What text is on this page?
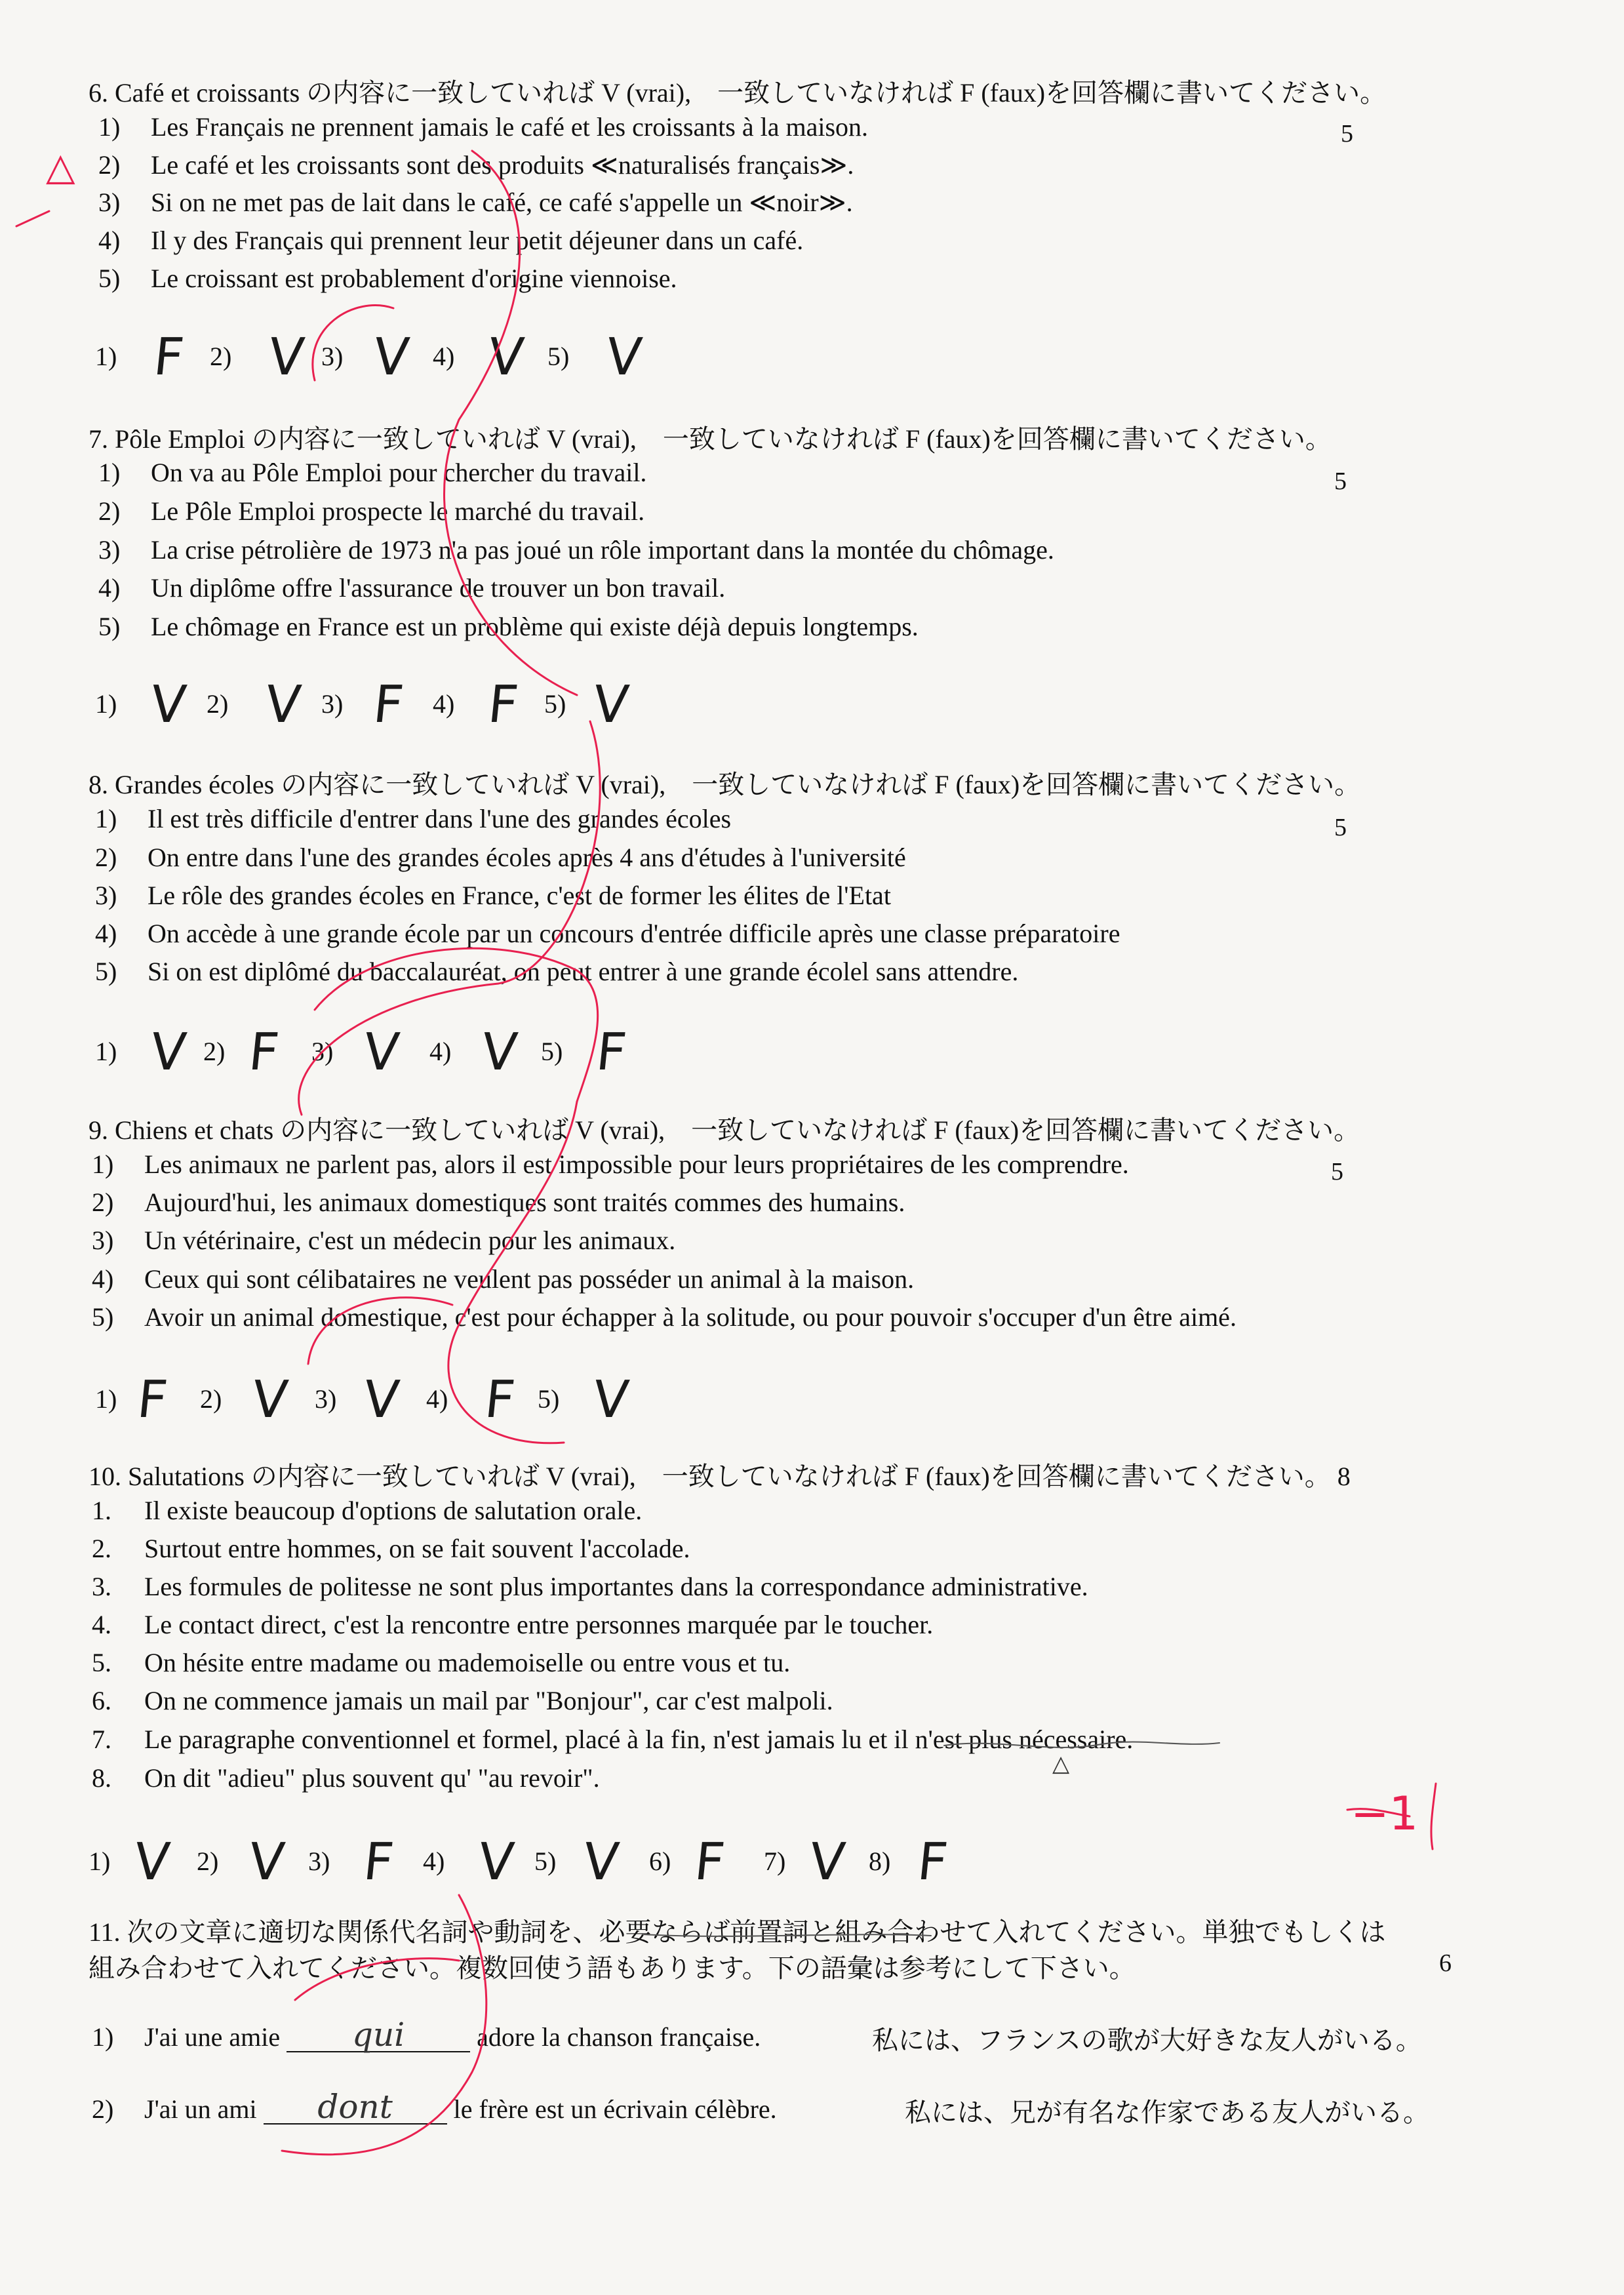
6. Café et croissants の内容に一致していれば V (vrai),　一致していなければ F (faux)を回答欄に書いてください。
5
1) Les Français ne prennent jamais le café et les croissants à la maison.
2) Le café et les croissants sont des produits ≪naturalisés français≫.
3) Si on ne met pas de lait dans le café, ce café s'appelle un ≪noir≫.
4) Il y des Français qui prennent leur petit déjeuner dans un café.
5) Le croissant est probablement d'origine viennoise.
1) F 2) V 3) V 4) V 5) V
7. Pôle Emploi の内容に一致していれば V (vrai),　一致していなければ F (faux)を回答欄に書いてください。
5
1) On va au Pôle Emploi pour chercher du travail.
2) Le Pôle Emploi prospecte le marché du travail.
3) La crise pétrolière de 1973 n'a pas joué un rôle important dans la montée du chômage.
4) Un diplôme offre l'assurance de trouver un bon travail.
5) Le chômage en France est un problème qui existe déjà depuis longtemps.
1) V 2) V 3) F 4) F 5) V
8. Grandes écoles の内容に一致していれば V (vrai),　一致していなければ F (faux)を回答欄に書いてください。
5
1) Il est très difficile d'entrer dans l'une des grandes écoles
2) On entre dans l'une des grandes écoles après 4 ans d'études à l'université
3) Le rôle des grandes écoles en France, c'est de former les élites de l'Etat
4) On accède à une grande école par un concours d'entrée difficile après une classe préparatoire
5) Si on est diplômé du baccalauréat, on peut entrer à une grande écolel sans attendre.
1) V 2) F 3) V 4) V 5) F
9. Chiens et chats の内容に一致していれば V (vrai),　一致していなければ F (faux)を回答欄に書いてください。
5
1) Les animaux ne parlent pas, alors il est impossible pour leurs propriétaires de les comprendre.
2) Aujourd'hui, les animaux domestiques sont traités commes des humains.
3) Un vétérinaire, c'est un médecin pour les animaux.
4) Ceux qui sont célibataires ne veulent pas posséder un animal à la maison.
5) Avoir un animal domestique, c'est pour échapper à la solitude, ou pour pouvoir s'occuper d'un être aimé.
1) F 2) V 3) V 4) F 5) V
10. Salutations の内容に一致していれば V (vrai),　一致していなければ F (faux)を回答欄に書いてください。 8
1. Il existe beaucoup d'options de salutation orale.
2. Surtout entre hommes, on se fait souvent l'accolade.
3. Les formules de politesse ne sont plus importantes dans la correspondance administrative.
4. Le contact direct, c'est la rencontre entre personnes marquée par le toucher.
5. On hésite entre madame ou mademoiselle ou entre vous et tu.
6. On ne commence jamais un mail par "Bonjour", car c'est malpoli.
7. Le paragraphe conventionnel et formel, placé à la fin, n'est jamais lu et il n'est plus nécessaire.
8. On dit "adieu" plus souvent qu' "au revoir".
1) V 2) V 3) F 4) V 5) V 6) F 7) V 8) F
11. 次の文章に適切な関係代名詞や動詞を、必要ならば前置詞と組み合わせて入れてください。単独でもしくは
組み合わせて入れてください。複数回使う語もあります。下の語彙は参考にして下さい。	6
1) J'ai une amie qui	adore la chanson française.	私には、フランスの歌が大好きな友人がいる。
2) J'ai un ami dont le frère est un écrivain célèbre.	私には、兄が有名な作家である友人がいる。
△
△
−1
